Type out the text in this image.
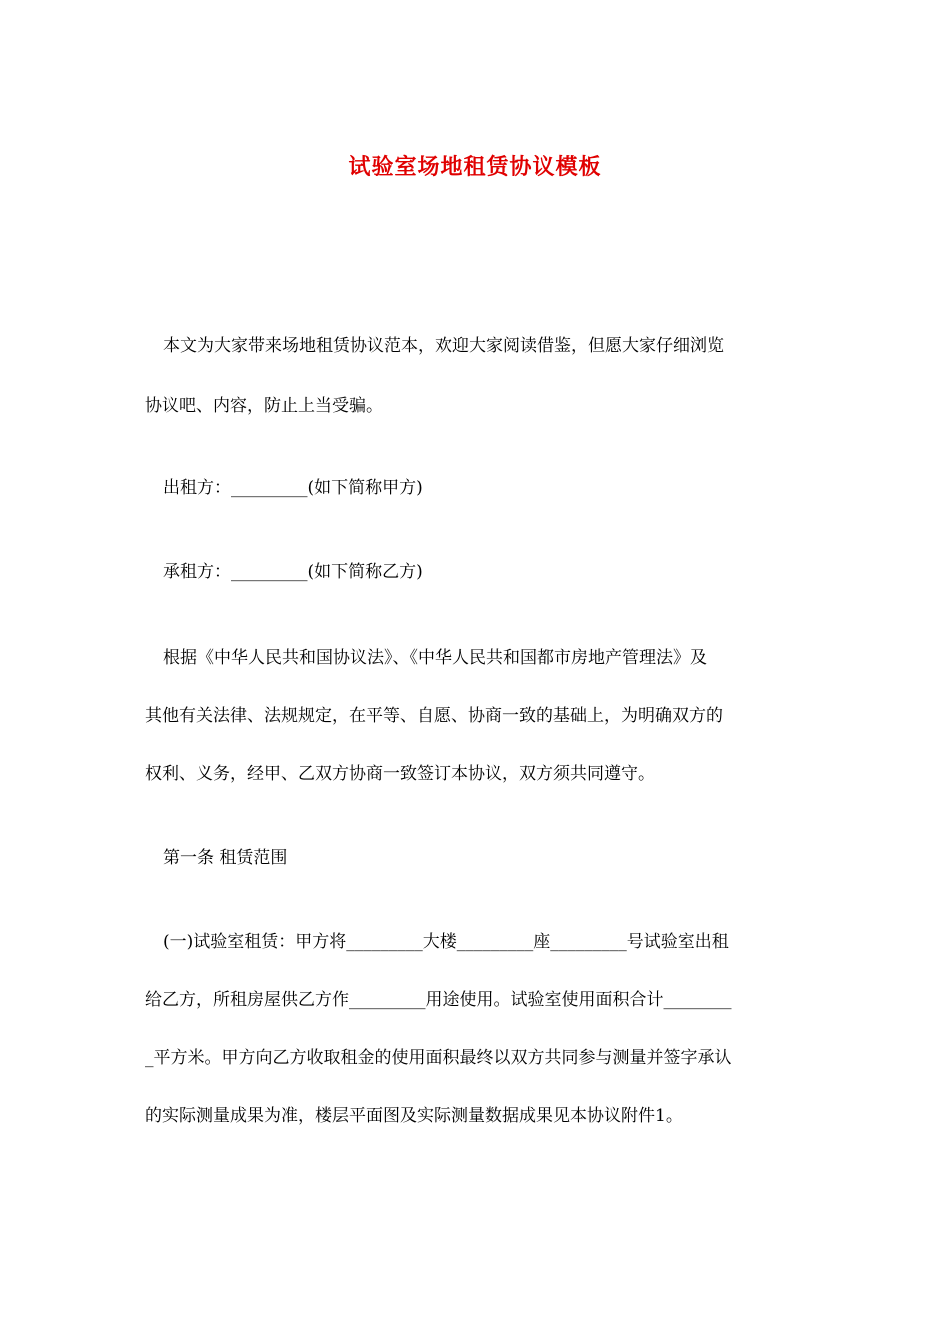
试验室场地租赁协议模板
本文为大家带来场地租赁协议范本，欢迎大家阅读借鉴，但愿大家仔细浏览
协议吧、内容，防止上当受骗。
出租方：_________(如下简称甲方)
承租方：_________(如下简称乙方)
根据《中华人民共和国协议法》、《中华人民共和国都市房地产管理法》及
其他有关法律、法规规定，在平等、自愿、协商一致的基础上，为明确双方的
权利、义务，经甲、乙双方协商一致签订本协议，双方须共同遵守。
第一条 租赁范围
(一)试验室租赁：甲方将_________大楼_________座_________号试验室出租
给乙方，所租房屋供乙方作_________用途使用。试验室使用面积合计________
_平方米。甲方向乙方收取租金的使用面积最终以双方共同参与测量并签字承认
的实际测量成果为准，楼层平面图及实际测量数据成果见本协议附件1。
